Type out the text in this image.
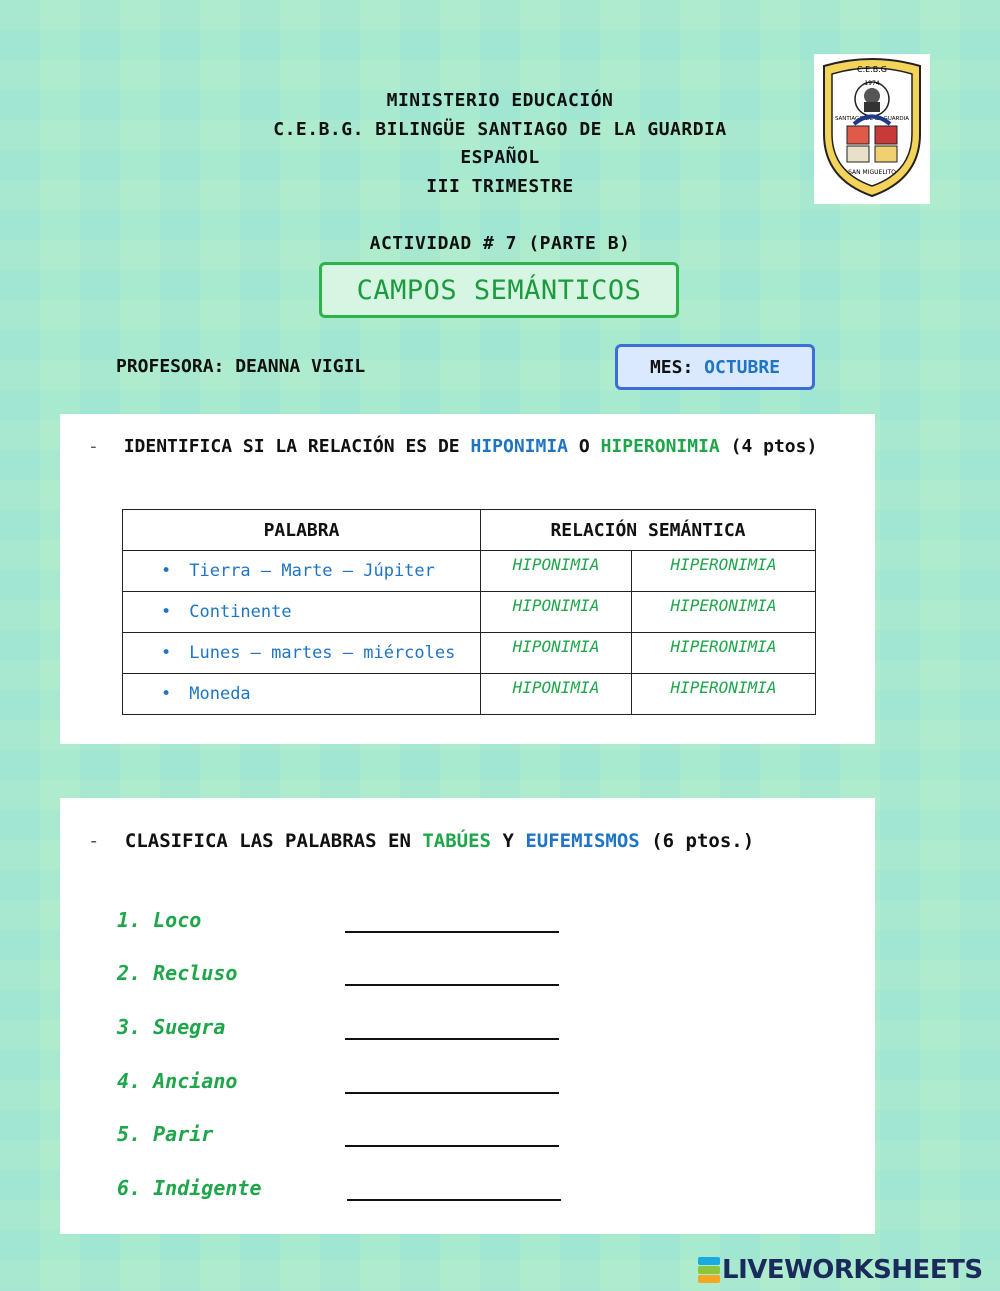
MINISTERIO EDUCACIÓN
C.E.B.G. BILINGÜE SANTIAGO DE LA GUARDIA
ESPAÑOL
III TRIMESTRE
ACTIVIDAD # 7 (PARTE B)
C.E.B.G
1974
SANTIAGO DE LA GUARDIA
SAN MIGUELITO
CAMPOS SEMÁNTICOS
PROFESORA: DEANNA VIGIL	MES:
OCTUBRE
- IDENTIFICA SI LA RELACIÓN ES DE HIPONIMIA O HIPERONIMIA (4 ptos)
PALABRA	RELACIÓN SEMÁNTICA	
• Tierra – Marte – Júpiter	HIPONIMIA	HIPERONIMIA
• Continente	HIPONIMIA	HIPERONIMIA
• Lunes – martes – miércoles	HIPONIMIA	HIPERONIMIA
• Moneda	HIPONIMIA	HIPERONIMIA
- CLASIFICA LAS PALABRAS EN TABÚES Y EUFEMISMOS (6 ptos.)
1. Loco
2. Recluso
3. Suegra
4. Anciano
5. Parir
6. Indigente
LIVEWORKSHEETS
